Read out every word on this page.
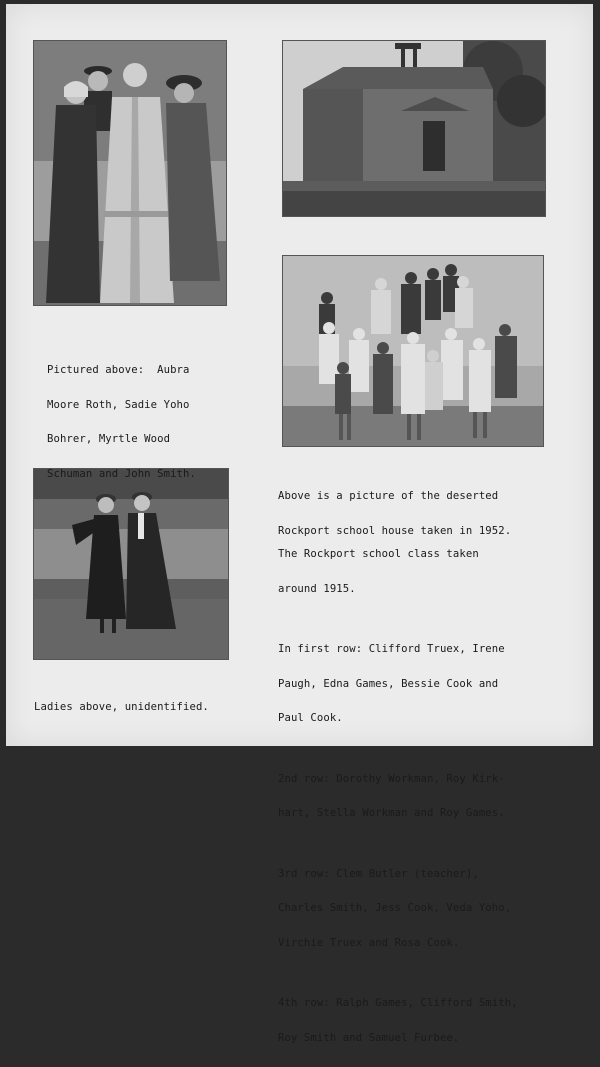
Pictured above:  Aubra

Moore Roth, Sadie Yoho

Bohrer, Myrtle Wood

Schuman and John Smith.

Above is a picture of the deserted

Rockport school house taken in 1952.

The Rockport school class taken

around 1915.

In first row: Clifford Truex, Irene

Paugh, Edna Games, Bessie Cook and

Paul Cook.

2nd row: Dorothy Workman, Roy Kirk-

hart, Stella Workman and Roy Games.

3rd row: Clem Butler (teacher),

Charles Smith, Jess Cook, Veda Yoho,

Virchie Truex and Rosa Cook.

4th row: Ralph Games, Clifford Smith,

Roy Smith and Samuel Furbee.

Ladies above, unidentified.
